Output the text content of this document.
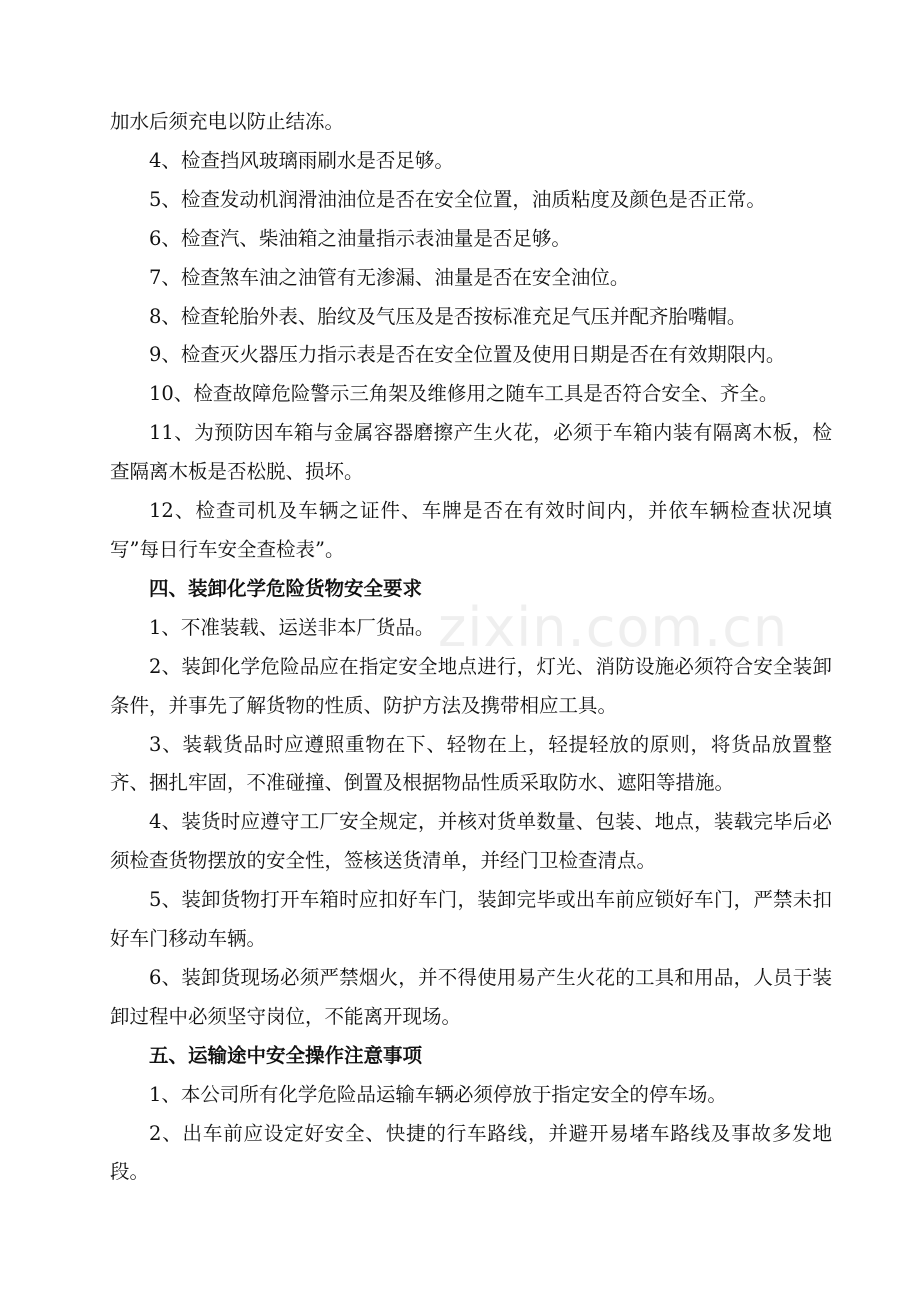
加水后须充电以防止结冻。

4、检查挡风玻璃雨刷水是否足够。

5、检查发动机润滑油油位是否在安全位置，油质粘度及颜色是否正常。

6、检查汽、柴油箱之油量指示表油量是否足够。

7、检查煞车油之油管有无渗漏、油量是否在安全油位。

8、检查轮胎外表、胎纹及气压及是否按标准充足气压并配齐胎嘴帽。

9、检查灭火器压力指示表是否在安全位置及使用日期是否在有效期限内。

10、检查故障危险警示三角架及维修用之随车工具是否符合安全、齐全。

11、为预防因车箱与金属容器磨擦产生火花，必须于车箱内装有隔离木板，检查隔离木板是否松脱、损坏。

12、检查司机及车辆之证件、车牌是否在有效时间内，并依车辆检查状况填写”每日行车安全查检表”。

四、装卸化学危险货物安全要求

1、不准装载、运送非本厂货品。

2、装卸化学危险品应在指定安全地点进行，灯光、消防设施必须符合安全装卸条件，并事先了解货物的性质、防护方法及携带相应工具。

3、装载货品时应遵照重物在下、轻物在上，轻提轻放的原则，将货品放置整齐、捆扎牢固，不准碰撞、倒置及根据物品性质采取防水、遮阳等措施。

4、装货时应遵守工厂安全规定，并核对货单数量、包装、地点，装载完毕后必须检查货物摆放的安全性，签核送货清单，并经门卫检查清点。

5、装卸货物打开车箱时应扣好车门，装卸完毕或出车前应锁好车门，严禁未扣好车门移动车辆。

6、装卸货现场必须严禁烟火，并不得使用易产生火花的工具和用品，人员于装卸过程中必须坚守岗位，不能离开现场。

五、运输途中安全操作注意事项

1、本公司所有化学危险品运输车辆必须停放于指定安全的停车场。

2、出车前应设定好安全、快捷的行车路线，并避开易堵车路线及事故多发地段。

zixin.com.cn
